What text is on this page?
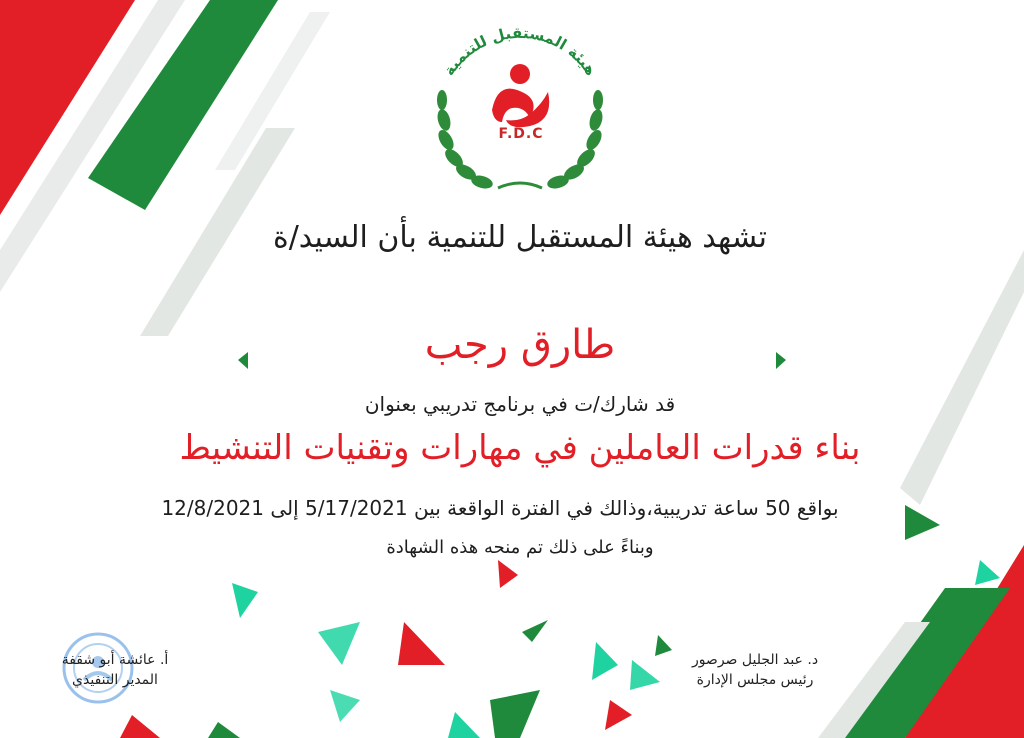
هيئة المستقبل للتنمية
F.D.C
تشهد هيئة المستقبل للتنمية بأن السيد/ة
طارق رجب
قد شارك/ت في برنامج تدريبي بعنوان
بناء قدرات العاملين في مهارات وتقنيات التنشيط
بواقع 50 ساعة تدريبية،وذالك في الفترة الواقعة بين 5/17/2021 إلى 12/8/2021
وبناءً على ذلك تم منحه هذه الشهادة
أ. عائشة أبو شقفة
المدير التنفيذي
د. عبد الجليل صرصور
رئيس مجلس الإدارة
